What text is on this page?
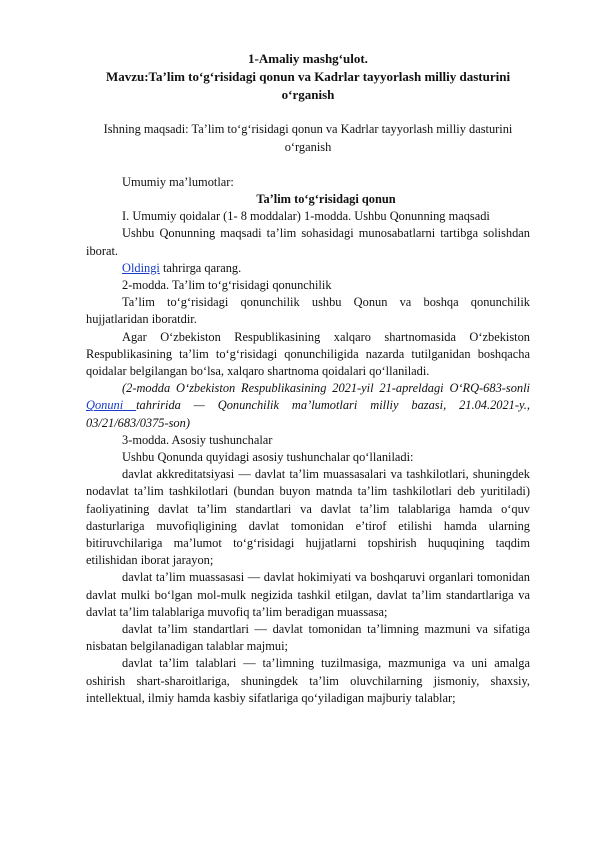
1-Amaliy mashg‘ulot.
Mavzu:Ta’lim to‘g‘risidagi qonun va Kadrlar tayyorlash milliy dasturini
o‘rganish
Ishning maqsadi: Ta’lim to‘g‘risidagi qonun va Kadrlar tayyorlash milliy dasturini
o‘rganish
Umumiy ma’lumotlar:
Ta’lim to‘g‘risidagi qonun

I. Umumiy qoidalar (1- 8 moddalar) 1-modda. Ushbu Qonunning maqsadi

Ushbu Qonunning maqsadi ta’lim sohasidagi munosabatlarni tartibga solishdan iborat.

Oldingi tahrirga qarang.

2-modda. Ta’lim to‘g‘risidagi qonunchilik

Ta’lim to‘g‘risidagi qonunchilik ushbu Qonun va boshqa qonunchilik hujjatlaridan iboratdir.

Agar O‘zbekiston Respublikasining xalqaro shartnomasida O‘zbekiston Respublikasining ta’lim to‘g‘risidagi qonunchiligida nazarda tutilganidan boshqacha qoidalar belgilangan bo‘lsa, xalqaro shartnoma qoidalari qo‘llaniladi.

(2-modda O‘zbekiston Respublikasining 2021-yil 21-apreldagi O‘RQ-683-sonli Qonuni tahririda — Qonunchilik ma’lumotlari milliy bazasi, 21.04.2021-y., 03/21/683/0375-son)

3-modda. Asosiy tushunchalar

Ushbu Qonunda quyidagi asosiy tushunchalar qo‘llaniladi:

davlat akkreditatsiyasi — davlat ta’lim muassasalari va tashkilotlari, shuningdek nodavlat ta’lim tashkilotlari (bundan buyon matnda ta’lim tashkilotlari deb yuritiladi) faoliyatining davlat ta’lim standartlari va davlat ta’lim talablariga hamda o‘quv dasturlariga muvofiqligining davlat tomonidan e’tirof etilishi hamda ularning bitiruvchilariga ma’lumot to‘g‘risidagi hujjatlarni topshirish huquqining taqdim etilishidan iborat jarayon;

davlat ta’lim muassasasi — davlat hokimiyati va boshqaruvi organlari tomonidan davlat mulki bo‘lgan mol-mulk negizida tashkil etilgan, davlat ta’lim standartlariga va davlat ta’lim talablariga muvofiq ta’lim beradigan muassasa;

davlat ta’lim standartlari — davlat tomonidan ta’limning mazmuni va sifatiga nisbatan belgilanadigan talablar majmui;

davlat ta’lim talablari — ta’limning tuzilmasiga, mazmuniga va uni amalga oshirish shart-sharoitlariga, shuningdek ta’lim oluvchilarning jismoniy, shaxsiy, intellektual, ilmiy hamda kasbiy sifatlariga qo‘yiladigan majburiy talablar;
